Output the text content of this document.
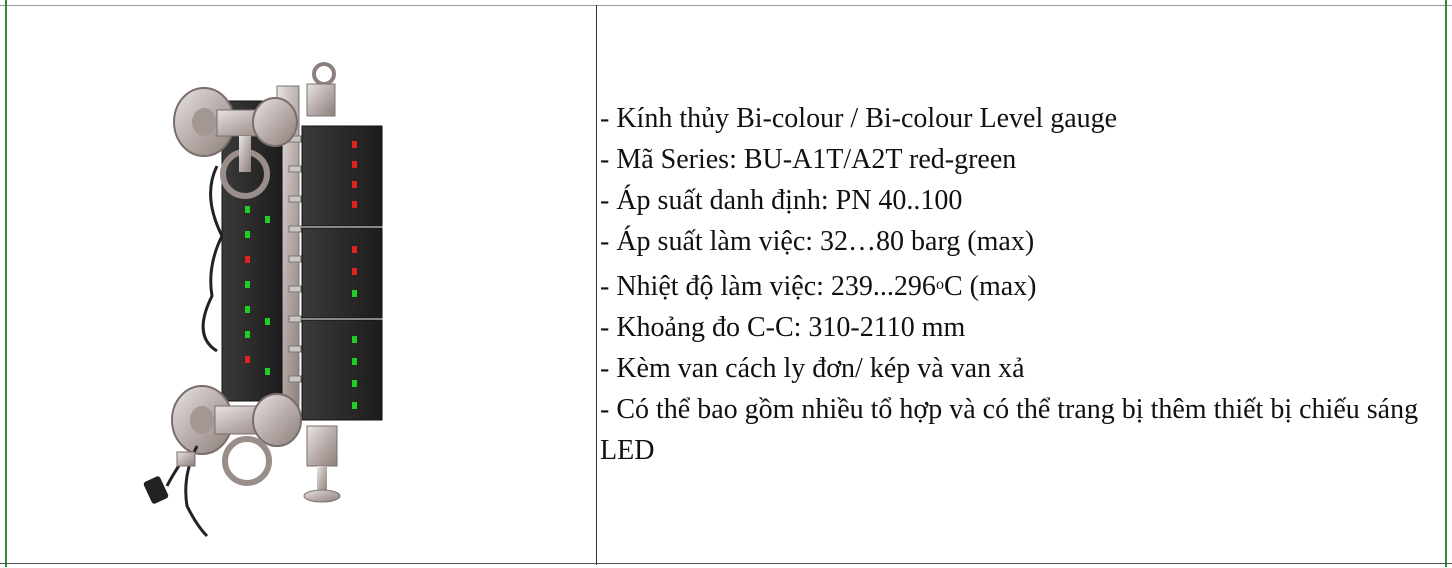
- Kính thủy Bi-colour / Bi-colour Level gauge
- Mã Series: BU-A1T/A2T red-green
- Áp suất danh định: PN 40..100
- Áp suất làm việc: 32…80 barg (max)
- Nhiệt độ làm việc: 239...296$^o$C (max)
- Khoảng đo C-C: 310-2110 mm
- Kèm van cách ly đơn/ kép và van xả
- Có thể bao gồm nhiều tổ hợp và có thể trang bị thêm thiết bị chiếu sáng LED
